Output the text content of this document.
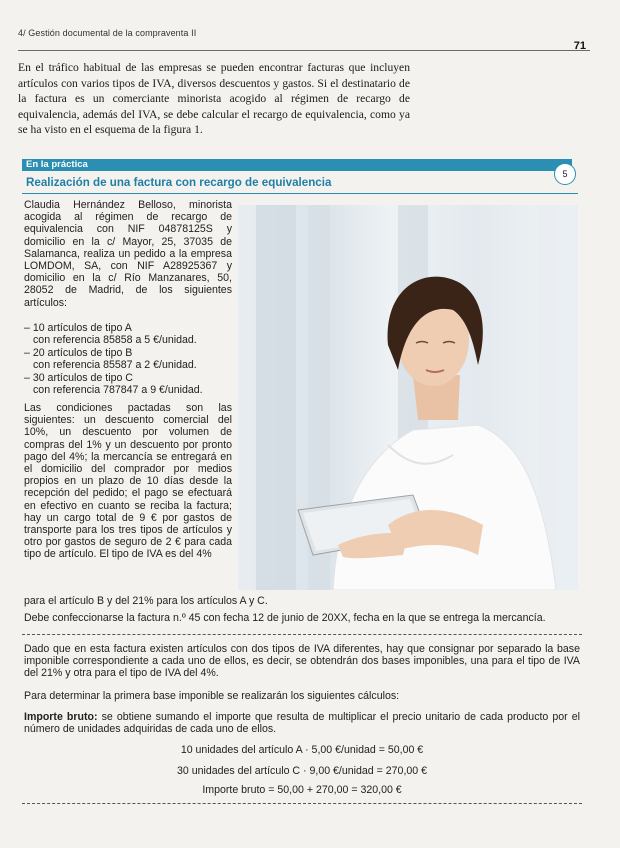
4/ Gestión documental de la compraventa II
71

En el tráfico habitual de las empresas se pueden encontrar facturas que incluyen artículos con varios tipos de IVA, diversos descuentos y gastos. Si el destinatario de la factura es un comerciante minorista acogido al régimen de recargo de equivalencia, además del IVA, se debe calcular el recargo de equivalencia, como ya se ha visto en el esquema de la figura 1.

En la práctica
5
Realización de una factura con recargo de equivalencia

Claudia Hernández Belloso, minorista acogida al régimen de recargo de equivalencia con NIF 04878125S y domicilio en la c/ Mayor, 25, 37035 de Salamanca, realiza un pedido a la empresa LOMDOM, SA, con NIF A28925367 y domicilio en la c/ Río Manzanares, 50, 28052 de Madrid, de los siguientes artículos:

– 10 artículos de tipo A
con referencia 85858 a 5 €/unidad.
– 20 artículos de tipo B
con referencia 85587 a 2 €/unidad.
– 30 artículos de tipo C
con referencia 787847 a 9 €/unidad.

Las condiciones pactadas son las siguientes: un descuento comercial del 10%, un descuento por volumen de compras del 1% y un descuento por pronto pago del 4%; la mercancía se entregará en el domicilio del comprador por medios propios en un plazo de 10 días desde la recepción del pedido; el pago se efectuará en efectivo en cuanto se reciba la factura; hay un cargo total de 9 € por gastos de transporte para los tres tipos de artículos y otro por gastos de seguro de 2 € para cada tipo de artículo. El tipo de IVA es del 4%

para el artículo B y del 21% para los artículos A y C.

Debe confeccionarse la factura n.º 45 con fecha 12 de junio de 20XX, fecha en la que se entrega la mercancía.

Dado que en esta factura existen artículos con dos tipos de IVA diferentes, hay que consignar por separado la base imponible correspondiente a cada uno de ellos, es decir, se obtendrán dos bases imponibles, una para el tipo de IVA del 21% y otra para el tipo de IVA del 4%.

Para determinar la primera base imponible se realizarán los siguientes cálculos:

Importe bruto: se obtiene sumando el importe que resulta de multiplicar el precio unitario de cada producto por el número de unidades adquiridas de cada uno de ellos.

10 unidades del artículo A · 5,00 €/unidad = 50,00 €
30 unidades del artículo C · 9,00 €/unidad = 270,00 €
Importe bruto = 50,00 + 270,00 = 320,00 €
